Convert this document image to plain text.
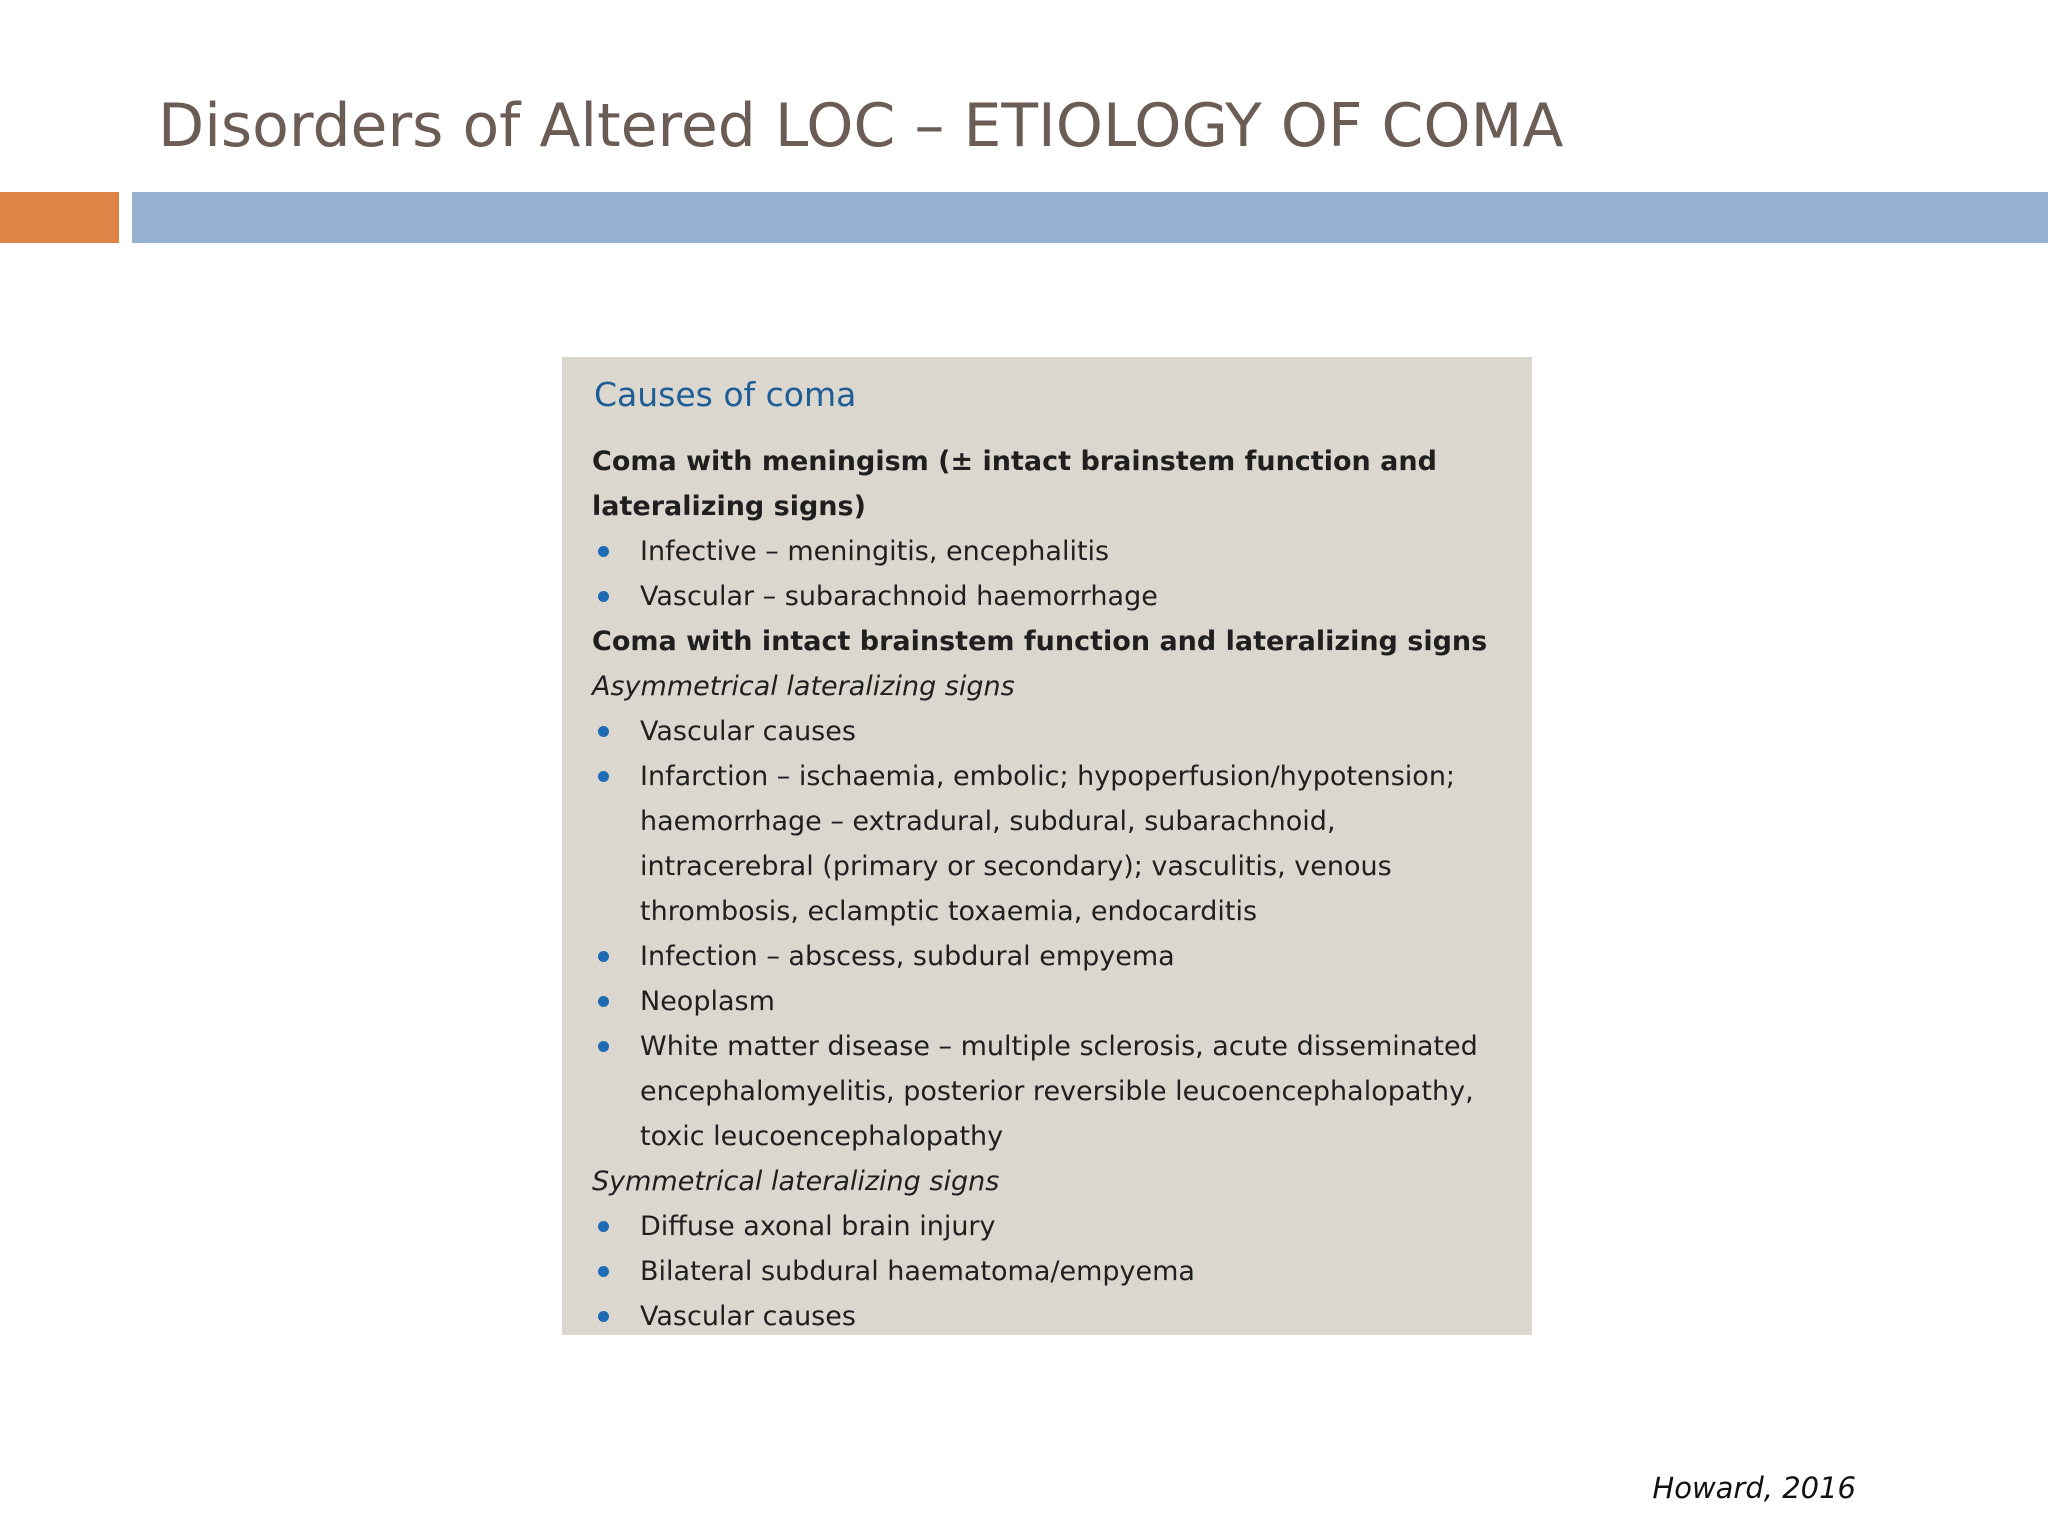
Disorders of Altered LOC – ETIOLOGY OF COMA
Causes of coma

Coma with meningism (± intact brainstem function and lateralizing signs)

Infective – meningitis, encephalitis
Vascular – subarachnoid haemorrhage

Coma with intact brainstem function and lateralizing signs

Asymmetrical lateralizing signs

Vascular causes
Infarction – ischaemia, embolic; hypoperfusion/hypotension; haemorrhage – extradural, subdural, subarachnoid, intracerebral (primary or secondary); vasculitis, venous thrombosis, eclamptic toxaemia, endocarditis
Infection – abscess, subdural empyema
Neoplasm
White matter disease – multiple sclerosis, acute disseminated encephalomyelitis, posterior reversible leucoencephalopathy, toxic leucoencephalopathy

Symmetrical lateralizing signs

Diffuse axonal brain injury
Bilateral subdural haematoma/empyema
Vascular causes
Howard, 2016
